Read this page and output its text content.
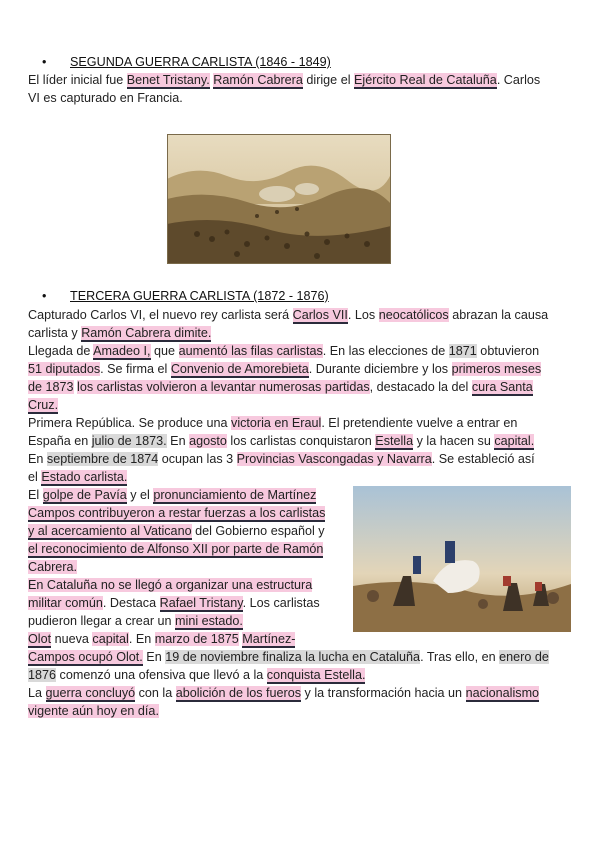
• SEGUNDA GUERRA CARLISTA (1846 - 1849)
El líder inicial fue Benet Tristany. Ramón Cabrera dirige el Ejército Real de Cataluña. Carlos
VI es capturado en Francia.
• TERCERA GUERRA CARLISTA (1872 - 1876)
Capturado Carlos VI, el nuevo rey carlista será Carlos VII. Los neocatólicos abrazan la causa
carlista y Ramón Cabrera dimite.
Llegada de Amadeo I, que aumentó las filas carlistas. En las elecciones de 1871 obtuvieron
51 diputados. Se firma el Convenio de Amorebieta. Durante diciembre y los primeros meses
de 1873 los carlistas volvieron a levantar numerosas partidas, destacado la del cura Santa
Cruz.
Primera República. Se produce una victoria en Eraul. El pretendiente vuelve a entrar en
España en julio de 1873. En agosto los carlistas conquistaron Estella y la hacen su capital.
En septiembre de 1874 ocupan las 3 Provincias Vascongadas y Navarra. Se estableció así
el Estado carlista.
El golpe de Pavía y el pronunciamiento de Martínez
Campos contribuyeron a restar fuerzas a los carlistas
y al acercamiento al Vaticano del Gobierno español y
el reconocimiento de Alfonso XII por parte de Ramón
Cabrera.
En Cataluña no se llegó a organizar una estructura
militar común. Destaca Rafael Tristany. Los carlistas
pudieron llegar a crear un mini estado.
Olot nueva capital. En marzo de 1875 Martínez-
Campos ocupó Olot. En 19 de noviembre finaliza la lucha en Cataluña. Tras ello, en enero de
1876 comenzó una ofensiva que llevó a la conquista Estella.
La guerra concluyó con la abolición de los fueros y la transformación hacia un nacionalismo
vigente aún hoy en día.
